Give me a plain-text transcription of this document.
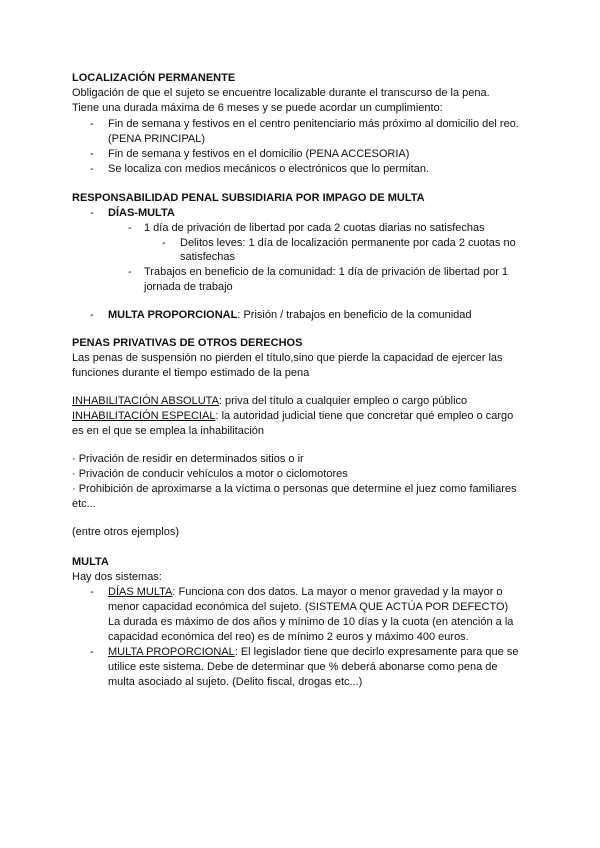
LOCALIZACIÓN PERMANENTE
Obligación de que el sujeto se encuentre localizable durante el transcurso de la pena.
Tiene una durada máxima de 6 meses y se puede acordar un cumplimiento:
- Fin de semana y festivos en el centro penitenciario más próximo al domicilio del reo.
(PENA PRINCIPAL)
- Fin de semana y festivos en el domicilio (PENA ACCESORIA)
- Se localiza con medios mecánicos o electrónicos que lo permitan.
RESPONSABILIDAD PENAL SUBSIDIARIA POR IMPAGO DE MULTA
- DÍAS-MULTA
- 1 día de privación de libertad por cada 2 cuotas diarias no satisfechas
- Delitos leves: 1 día de localización permanente por cada 2 cuotas no
satisfechas
- Trabajos en beneficio de la comunidad: 1 día de privación de libertad por 1
jornada de trabajo
- MULTA PROPORCIONAL: Prisión / trabajos en beneficio de la comunidad
PENAS PRIVATIVAS DE OTROS DERECHOS
Las penas de suspensión no pierden el título,sino que pierde la capacidad de ejercer las
funciones durante el tiempo estimado de la pena
INHABILITACIÓN ABSOLUTA: priva del título a cualquier empleo o cargo público
INHABILITACIÓN ESPECIAL: la autoridad judicial tiene que concretar qué empleo o cargo
es en el que se emplea la inhabilitación
· Privación de residir en determinados sitios o ir
· Privación de conducir vehículos a motor o ciclomotores
· Prohibición de aproximarse a la víctima o personas que determine el juez como familiares
etc...
(entre otros ejemplos)
MULTA
Hay dos sistemas:
- DÍAS MULTA: Funciona con dos datos. La mayor o menor gravedad y la mayor o
menor capacidad económica del sujeto. (SISTEMA QUE ACTÚA POR DEFECTO)
La durada es máximo de dos años y mínimo de 10 días y la cuota (en atención a la
capacidad económica del reo) es de mínimo 2 euros y máximo 400 euros.
- MULTA PROPORCIONAL: El legislador tiene que decirlo expresamente para que se
utilice este sistema. Debe de determinar que % deberá abonarse como pena de
multa asociado al sujeto. (Delito fiscal, drogas etc...)
